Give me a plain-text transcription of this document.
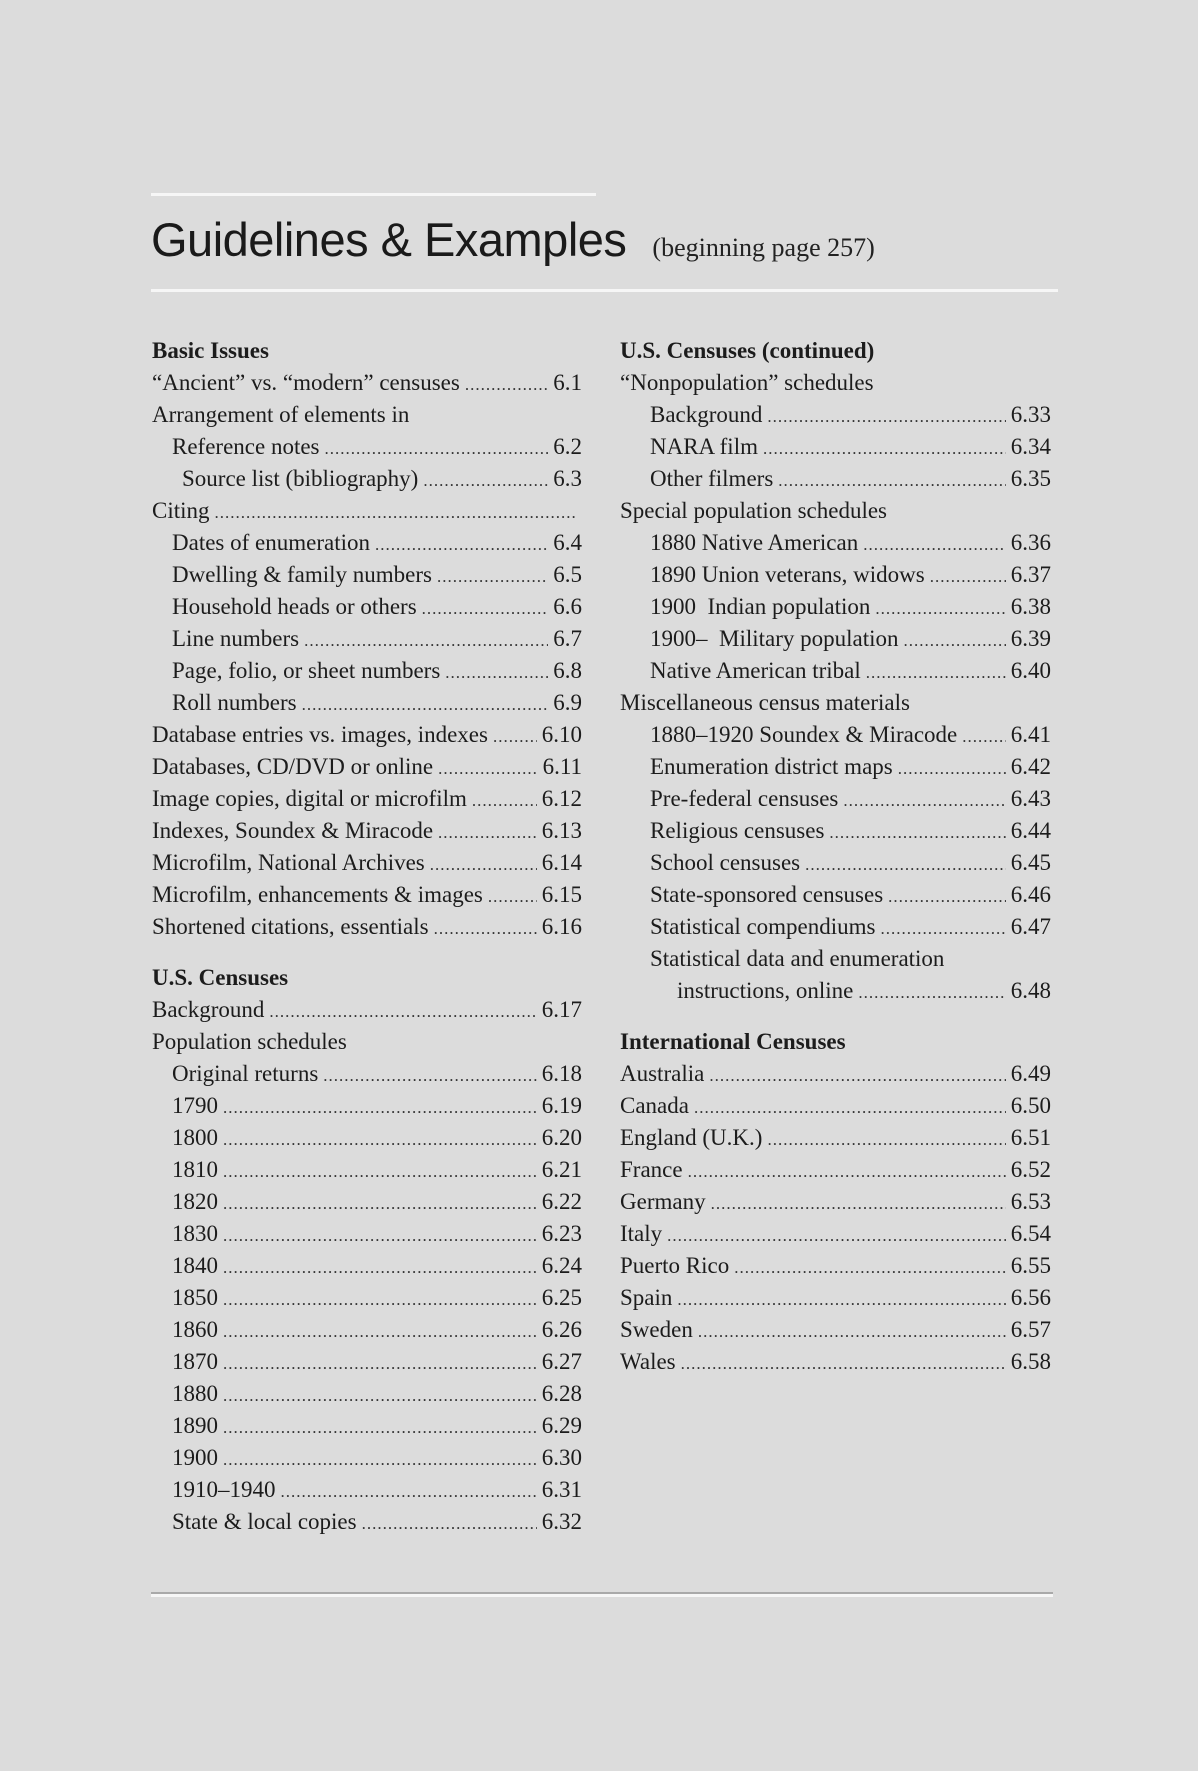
Guidelines & Examples (beginning page 257)
Basic Issues
“Ancient” vs. “modern” censuses .....	6.1
Arrangement of elements in
Reference notes .....	6.2
Source list (bibliography) .....	6.3
Citing
.....
Dates of enumeration .....	6.4
Dwelling & family numbers .....	6.5
Household heads or others .....	6.6
Line numbers .....	6.7
Page, folio, or sheet numbers .....	6.8
Roll numbers .....	6.9
Database entries vs. images, indexes ..... 6.10
Databases, CD/DVD or online .....	6.11
Image copies, digital or microfilm .....	6.12
Indexes, Soundex & Miracode .....	6.13
Microfilm, National Archives .....	6.14
Microfilm, enhancements & images .....	6.15
Shortened citations, essentials .....	6.16
U.S. Censuses
Background .....	6.17
Population schedules
Original returns .....	6.18
1790 .....	6.19
1800 .....	6.20
1810 .....	6.21
1820 .....	6.22
1830 .....	6.23
1840 .....	6.24
1850 .....	6.25
1860 .....	6.26
1870 .....	6.27
1880 .....	6.28
1890 .....	6.29
1900 .....	6.30
1910–1940 .....	6.31
State & local copies .....	6.32
U.S. Censuses (continued)
“Nonpopulation” schedules
Background .....	6.33
NARA film .....	6.34
Other filmers .....	6.35
Special population schedules
1880 Native American .....	6.36
1890 Union veterans, widows .....	6.37
1900  Indian population .....	6.38
1900–  Military population .....	6.39
Native American tribal .....	6.40
Miscellaneous census materials
1880–1920 Soundex & Miracode ..... 6.41
Enumeration district maps .....	6.42
Pre-federal censuses .....	6.43
Religious censuses .....	6.44
School censuses .....	6.45
State-sponsored censuses .....	6.46
Statistical compendiums .....	6.47
Statistical data and enumeration
instructions, online .....	6.48
International Censuses
Australia .....	6.49
Canada .....	6.50
England (U.K.) .....	6.51
France .....	6.52
Germany .....	6.53
Italy .....	6.54
Puerto Rico .....	6.55
Spain .....	6.56
Sweden .....	6.57
Wales .....	6.58
